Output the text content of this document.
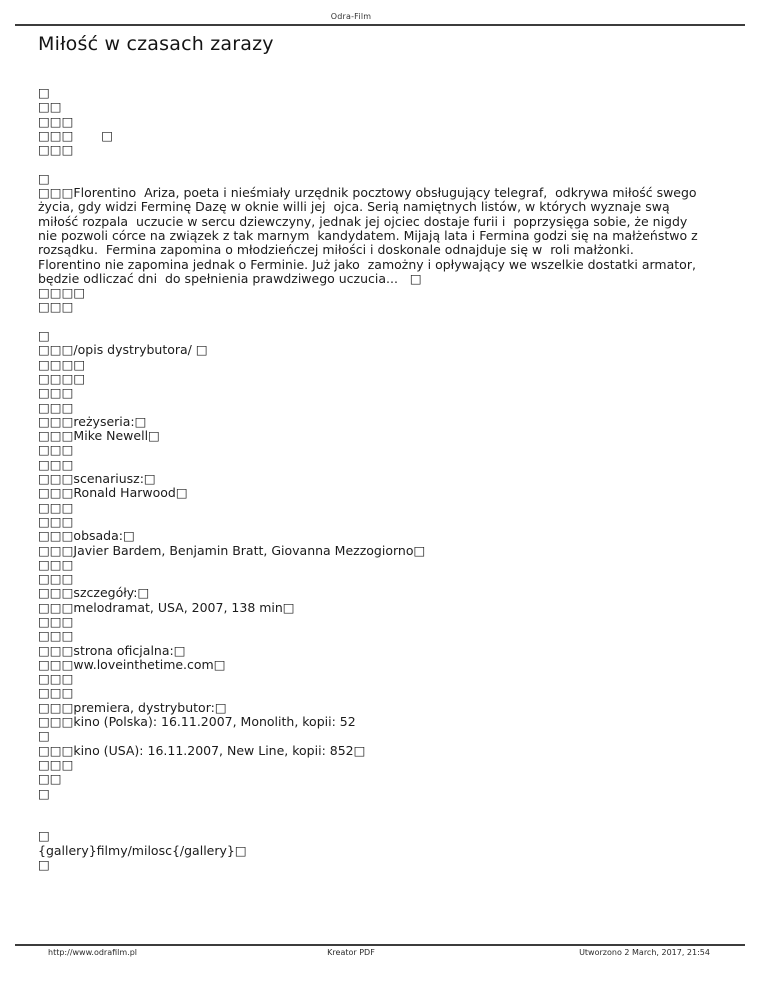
Odra-Film
Miłość w czasach zarazy
□
□□
□□□
□□□       □
□□□
□
□□□Florentino  Ariza, poeta i nieśmiały urzędnik pocztowy obsługujący telegraf,  odkrywa miłość swego
życia, gdy widzi Ferminę Dazę w oknie willi jej  ojca. Serią namiętnych listów, w których wyznaje swą
miłość rozpala  uczucie w sercu dziewczyny, jednak jej ojciec dostaje furii i  poprzysięga sobie, że nigdy
nie pozwoli córce na związek z tak marnym  kandydatem. Mijają lata i Fermina godzi się na małżeństwo z
rozsądku.  Fermina zapomina o młodzieńczej miłości i doskonale odnajduje się w  roli małżonki.
Florentino nie zapomina jednak o Ferminie. Już jako  zamożny i opływający we wszelkie dostatki armator,
będzie odliczać dni  do spełnienia prawdziwego uczucia...   □
□□□□
□□□
□
□□□/opis dystrybutora/ □
□□□□
□□□□
□□□
□□□
□□□reżyseria:□
□□□Mike Newell□
□□□
□□□
□□□scenariusz:□
□□□Ronald Harwood□
□□□
□□□
□□□obsada:□
□□□Javier Bardem, Benjamin Bratt, Giovanna Mezzogiorno□
□□□
□□□
□□□szczegóły:□
□□□melodramat, USA, 2007, 138 min□
□□□
□□□
□□□strona oficjalna:□
□□□ww.loveinthetime.com□
□□□
□□□
□□□premiera, dystrybutor:□
□□□kino (Polska): 16.11.2007, Monolith, kopii: 52
□
□□□kino (USA): 16.11.2007, New Line, kopii: 852□
□□□
□□
□
□
{gallery}filmy/milosc{/gallery}□
□
http://www.odrafilm.pl	Kreator PDF	Utworzono 2 March, 2017, 21:54
